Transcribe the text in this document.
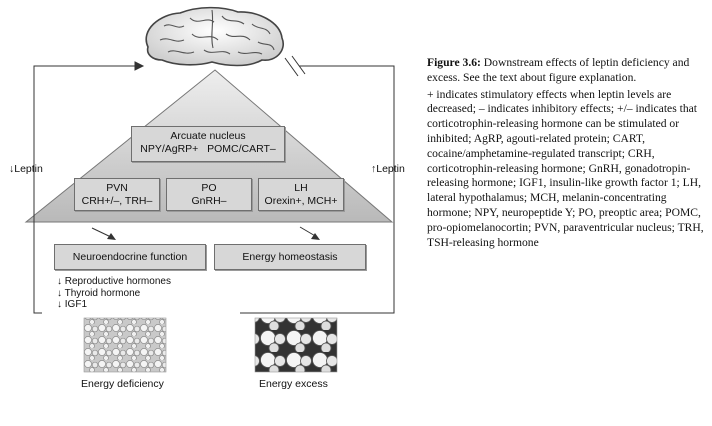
Arcuate nucleus
NPY/AgRP+ POMC/CART–
PVN
CRH+/–, TRH–
PO
GnRH–
LH
Orexin+, MCH+
↓Leptin	↑Leptin
Neuroendocrine function	Energy homeostasis
↓ Reproductive hormones
↓ Thyroid hormone
↓ IGF1
Energy deficiency	Energy excess

Figure 3.6: Downstream effects of leptin deficiency and excess. See the text about figure explanation.

+ indicates stimulatory effects when leptin levels are decreased; – indicates inhibitory effects; +/– indicates that corticotrophin-releasing hormone can be stimulated or inhibited; AgRP, agouti-related protein; CART, cocaine/amphetamine-regulated transcript; CRH, corticotrophin-releasing hormone; GnRH, gonadotropin-releasing hormone; IGF1, insulin-like growth factor 1; LH, lateral hypothalamus; MCH, melanin-concentrating hormone; NPY, neuropeptide Y; PO, preoptic area; POMC, pro-opiomelanocortin; PVN, paraventricular nucleus; TRH, TSH-releasing hormone
